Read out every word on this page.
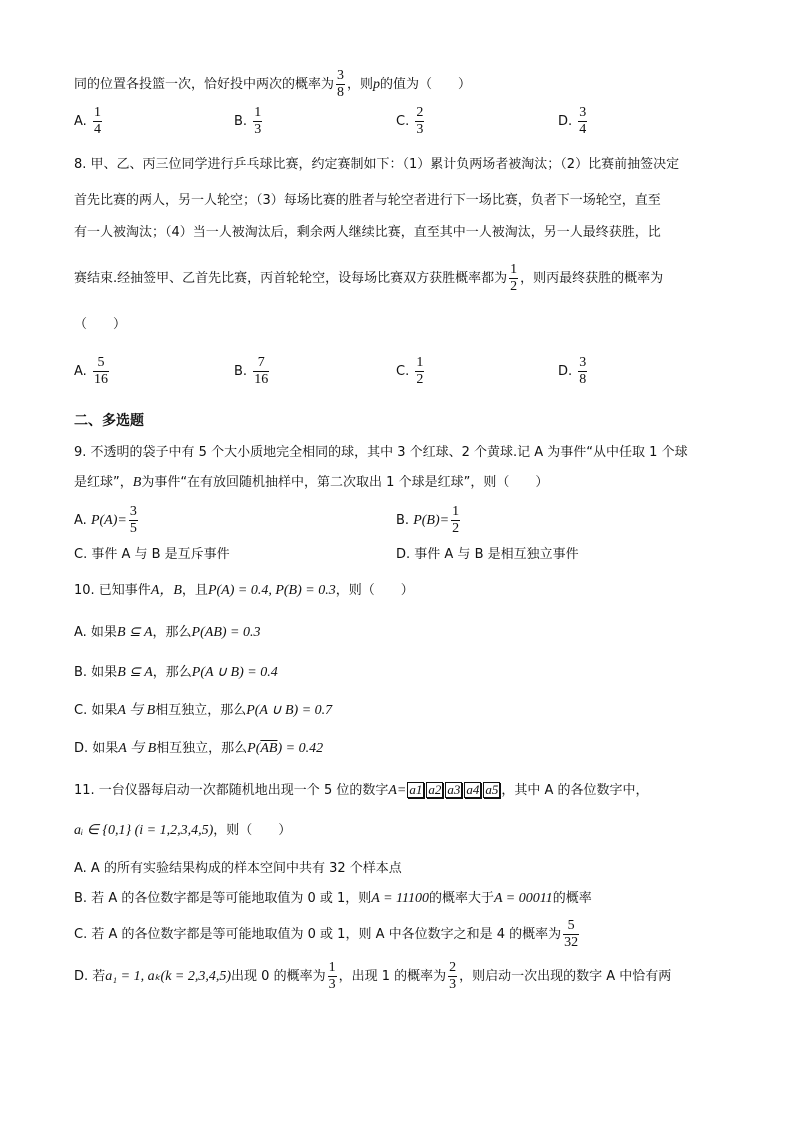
同的位置各投篮一次，恰好投中两次的概率为 $\frac{3}{8}$ ，则p的值为（　　）
A. $\frac{1}{4}$	B. $\frac{1}{3}$	C. $\frac{2}{3}$	D. $\frac{3}{4}$
8. 甲、乙、丙三位同学进行乒乓球比赛，约定赛制如下：（1）累计负两场者被淘汰；（2）比赛前抽签决定
首先比赛的两人，另一人轮空；（3）每场比赛的胜者与轮空者进行下一场比赛，负者下一场轮空，直至
有一人被淘汰；（4）当一人被淘汰后，剩余两人继续比赛，直至其中一人被淘汰，另一人最终获胜，比
赛结束.经抽签甲、乙首先比赛，丙首轮轮空，设每场比赛双方获胜概率都为 $\frac{1}{2}$ ，则丙最终获胜的概率为
（　　）
A. $\frac{5}{16}$	B. $\frac{7}{16}$	C. $\frac{1}{2}$	D. $\frac{3}{8}$
二、多选题
9. 不透明的袋子中有 5 个大小质地完全相同的球，其中 3 个红球、2 个黄球.记 A 为事件“从中任取 1 个球
是红球”，B为事件“在有放回随机抽样中，第二次取出 1 个球是红球”，则（　　）
A. $P(A)= \frac{3}{5}$	B. $P(B)= \frac{1}{2}$
C. 事件 A 与 B 是互斥事件	D. 事件 A 与 B 是相互独立事件
10. 已知事件A，B，且P(A) = 0.4, P(B) = 0.3，则（　　）
A. 如果B ⊆ A，那么P(AB) = 0.3
B. 如果B ⊆ A，那么P(A ∪ B) = 0.4
C. 如果A 与 B相互独立，那么P(A ∪ B) = 0.7
D. 如果A 与 B相互独立，那么$P(\overline{AB}) = 0.42$
11. 一台仪器每启动一次都随机地出现一个 5 位的数字A= a1 a2 a3 a4 a5 ，其中 A 的各位数字中，
aᵢ ∈ {0,1} (i = 1,2,3,4,5)，则（　　）
A. A 的所有实验结果构成的样本空间中共有 32 个样本点
B. 若 A 的各位数字都是等可能地取值为 0 或 1，则A = 11100的概率大于A = 00011的概率
C. 若 A 的各位数字都是等可能地取值为 0 或 1，则 A 中各位数字之和是 4 的概率为 $\frac{5}{32}$
D. 若a₁ = 1, aₖ(k = 2,3,4,5)出现 0 的概率为 $\frac{1}{3}$ ，出现 1 的概率为 $\frac{2}{3}$ ，则启动一次出现的数字 A 中恰有两
